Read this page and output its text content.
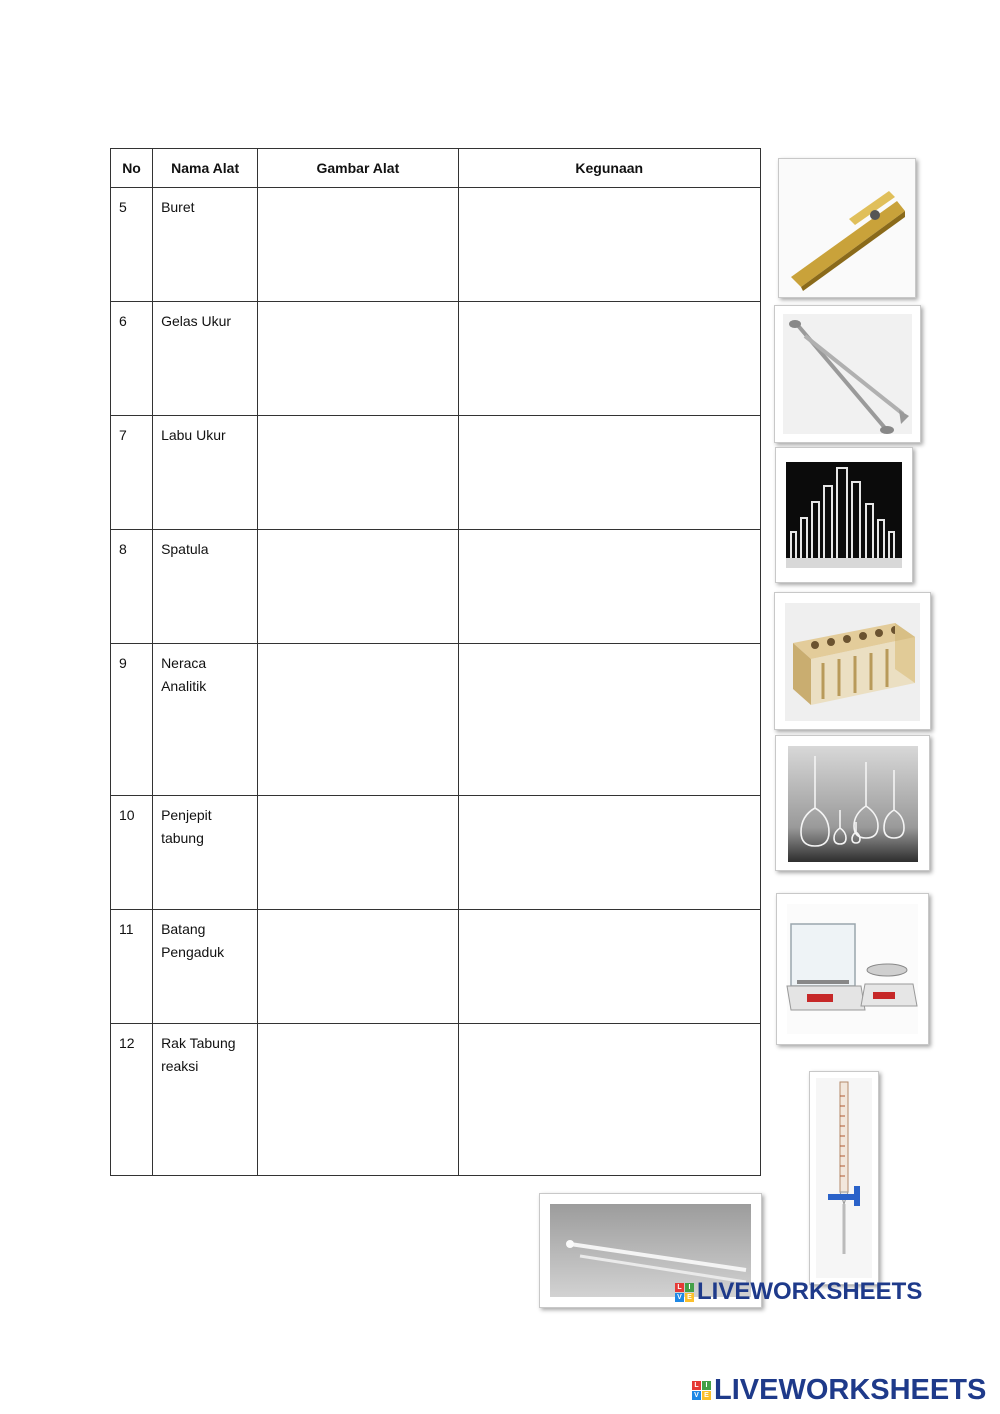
No	Nama Alat	Gambar Alat	Kegunaan
5	Buret		

6	Gelas Ukur		

7	Labu Ukur		

8	Spatula		

9	Neraca
Analitik		

10	Penjepit
tabung		

11	Batang
Pengaduk		

12	Rak Tabung
reaksi		

L I
V E LIVEWORKSHEETS
L I
V E LIVEWORKSHEETS
